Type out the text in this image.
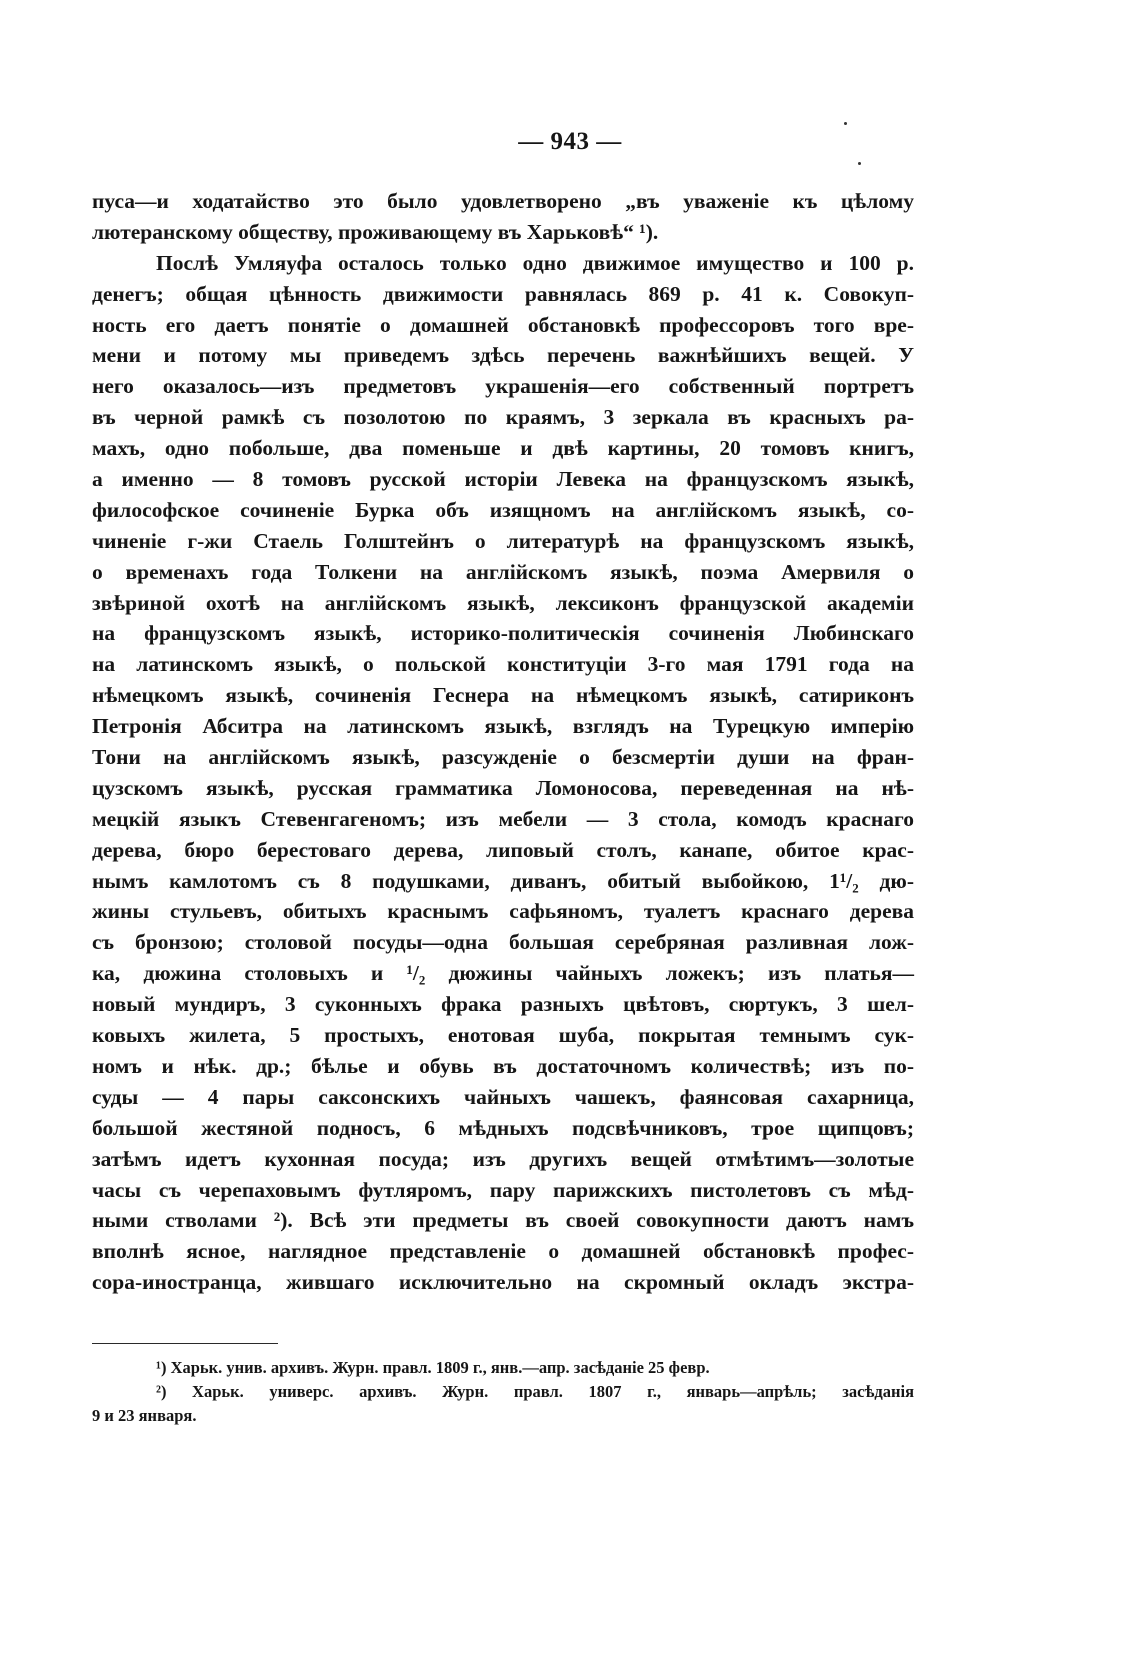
— 943 —
пуса—и ходатайство это было удовлетворено „въ уваженіе къ цѣлому
лютеранскому обществу, проживающему въ Харьковѣ“ ¹).
Послѣ Умляуфа осталось только одно движимое имущество и 100 р.
денегъ; общая цѣнность движимости равнялась 869 р. 41 к. Совокуп-
ность его даетъ понятіе о домашней обстановкѣ профессоровъ того вре-
мени и потому мы приведемъ здѣсь перечень важнѣйшихъ вещей. У
него оказалось—изъ предметовъ украшенія—его собственный портретъ
въ черной рамкѣ съ позолотою по краямъ, 3 зеркала въ красныхъ ра-
махъ, одно побольше, два поменьше и двѣ картины, 20 томовъ книгъ,
а именно — 8 томовъ русской исторіи Левека на французскомъ языкѣ,
философское сочиненіе Бурка объ изящномъ на англійскомъ языкѣ, со-
чиненіе г-жи Стаель Голштейнъ о литературѣ на французскомъ языкѣ,
о временахъ года Толкени на англійскомъ языкѣ, поэма Амервиля о
звѣриной охотѣ на англійскомъ языкѣ, лексиконъ французской академіи
на французскомъ языкѣ, историко-политическія сочиненія Любинскаго
на латинскомъ языкѣ, о польской конституціи 3-го мая 1791 года на
нѣмецкомъ языкѣ, сочиненія Геснера на нѣмецкомъ языкѣ, сатириконъ
Петронія Абситра на латинскомъ языкѣ, взглядъ на Турецкую имперію
Тони на англійскомъ языкѣ, разсужденіе о безсмертіи души на фран-
цузскомъ языкѣ, русская грамматика Ломоносова, переведенная на нѣ-
мецкій языкъ Стевенгагеномъ; изъ мебели — 3 стола, комодъ краснаго
дерева, бюро берестоваго дерева, липовый столъ, канапе, обитое крас-
нымъ камлотомъ съ 8 подушками, диванъ, обитый выбойкою, 1¹/₂ дю-
жины стульевъ, обитыхъ краснымъ сафьяномъ, туалетъ краснаго дерева
съ бронзою; столовой посуды—одна большая серебряная разливная лож-
ка, дюжина столовыхъ и ¹/₂ дюжины чайныхъ ложекъ; изъ платья—
новый мундиръ, 3 суконныхъ фрака разныхъ цвѣтовъ, сюртукъ, 3 шел-
ковыхъ жилета, 5 простыхъ, енотовая шуба, покрытая темнымъ сук-
номъ и нѣк. др.; бѣлье и обувь въ достаточномъ количествѣ; изъ по-
суды — 4 пары саксонскихъ чайныхъ чашекъ, фаянсовая сахарница,
большой жестяной подносъ, 6 мѣдныхъ подсвѣчниковъ, трое щипцовъ;
затѣмъ идетъ кухонная посуда; изъ другихъ вещей отмѣтимъ—золотые
часы съ черепаховымъ футляромъ, пару парижскихъ пистолетовъ съ мѣд-
ными стволами ²). Всѣ эти предметы въ своей совокупности даютъ намъ
вполнѣ ясное, наглядное представленіе о домашней обстановкѣ профес-
сора-иностранца, жившаго исключительно на скромный окладъ экстра-
¹) Харьк. унив. архивъ. Журн. правл. 1809 г., янв.—апр. засѣданіе 25 февр.
²) Харьк. универс. архивъ. Журн. правл. 1807 г., январь—апрѣль; засѣданія
9 и 23 января.
